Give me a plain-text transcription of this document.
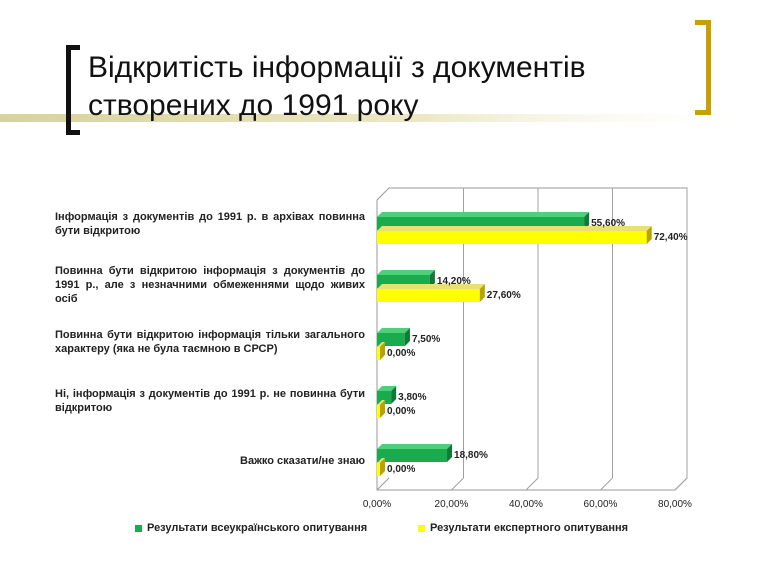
Відкритість інформації з документів
створених до 1991 року
Інформація з документів до 1991 р. в архівах повинна бути відкритою
Повинна бути відкритою інформація з документів до 1991 р., але з незначними обмеженнями щодо живих осіб
Повинна бути відкритою інформація тільки загального характеру (яка не була таємною в СРСР)
Ні, інформація з документів до 1991 р. не повинна бути відкритою
Важко сказати/не знаю
55,60%
72,40%
14,20%
27,60%
7,50%
0,00%
3,80%
0,00%
18,80%
0,00%
0,00%	20,00%	40,00%	60,00%	80,00%
Результати всеукраїнського опитування	Результати експертного опитування
